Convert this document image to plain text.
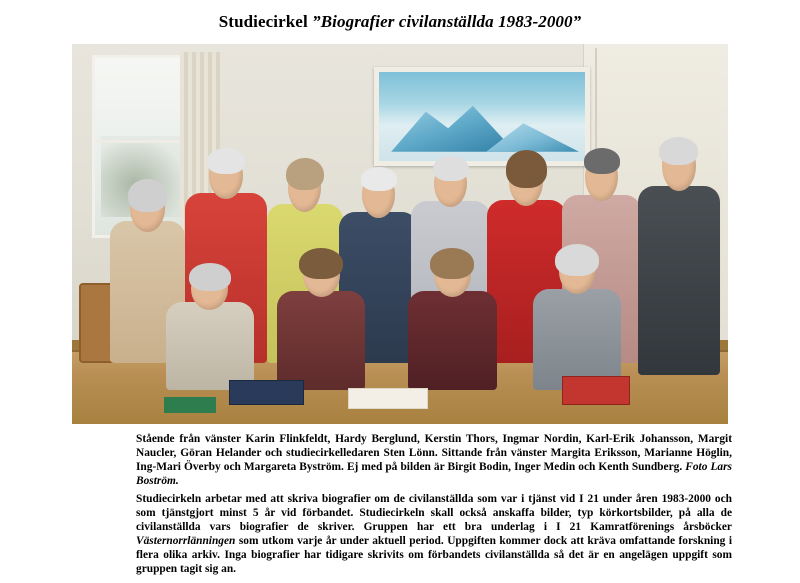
Studiecirkel ”Biografier civilanställda 1983-2000”
Stående från vänster Karin Flinkfeldt, Hardy Berglund, Kerstin Thors, Ingmar Nordin, Karl-Erik Johansson, Margit Naucler, Göran Helander och studiecirkelledaren Sten Lönn. Sittande från vänster Margita Eriksson, Marianne Höglin, Ing-Mari Överby och Margareta Byström. Ej med på bilden är Birgit Bodin, Inger Medin och Kenth Sundberg. Foto Lars Boström.
Studiecirkeln arbetar med att skriva biografier om de civilanställda som var i tjänst vid I 21 under åren 1983-2000 och som tjänstgjort minst 5 år vid förbandet. Studiecirkeln skall också anskaffa bilder, typ körkortsbilder, på alla de civilanställda vars biografier de skriver. Gruppen har ett bra underlag i I 21 Kamratförenings årsböcker Västernorrlänningen som utkom varje år under aktuell period. Uppgiften kommer dock att kräva omfattande forskning i flera olika arkiv. Inga biografier har tidigare skrivits om förbandets civilanställda så det är en angelägen uppgift som gruppen tagit sig an.
